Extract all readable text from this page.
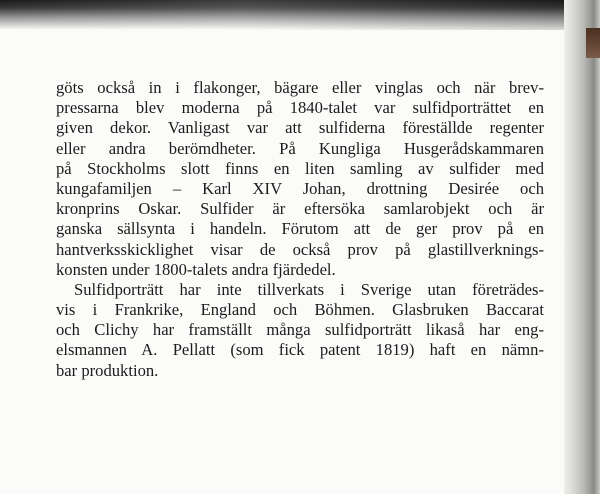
göts också in i flakonger, bägare eller vinglas och när brev-
pressarna blev moderna på 1840-talet var sulfidporträttet en
given dekor. Vanligast var att sulfiderna föreställde regenter
eller andra berömdheter. På Kungliga Husgerådskammaren
på Stockholms slott finns en liten samling av sulfider med
kungafamiljen – Karl XIV Johan, drottning Desirée och
kronprins Oskar. Sulfider är eftersöka samlarobjekt och är
ganska sällsynta i handeln. Förutom att de ger prov på en
hantverksskicklighet visar de också prov på glastillverknings-
konsten under 1800-talets andra fjärdedel.
Sulfidporträtt har inte tillverkats i Sverige utan företrädes-
vis i Frankrike, England och Böhmen. Glasbruken Baccarat
och Clichy har framställt många sulfidporträtt likaså har eng-
elsmannen A. Pellatt (som fick patent 1819) haft en nämn-
bar produktion.
